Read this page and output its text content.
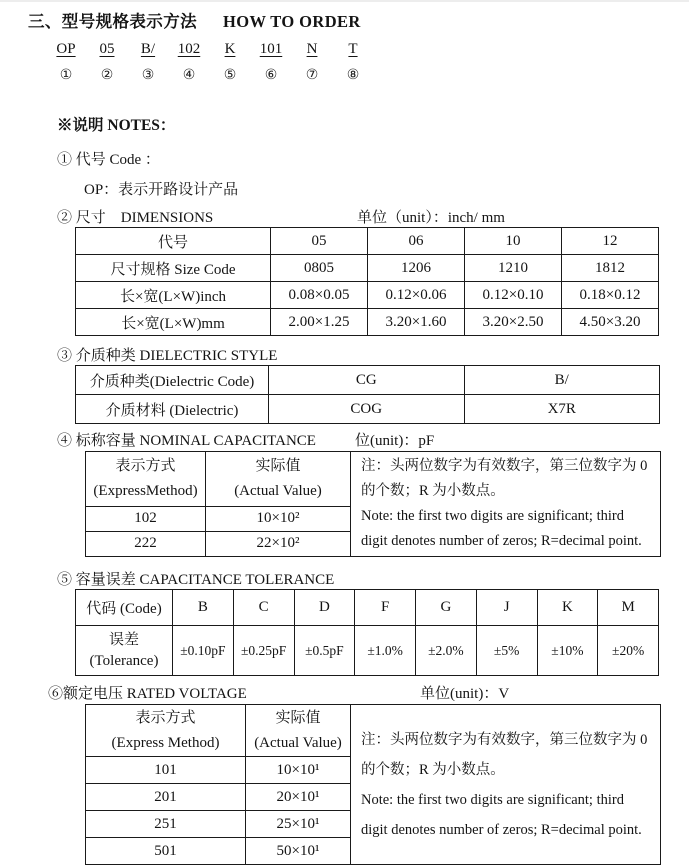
三、型号规格表示方法 HOW TO ORDER
OP
①
05
②
B/
③
102
④
K
⑤
101
⑥
N
⑦
T
⑧
※说明 NOTES：
① 代号 Code ：
OP：表示开路设计产品
② 尺寸　DIMENSIONS	单位（unit）：inch/ mm
代号	05	06	10	12
尺寸规格 Size Code	0805	1206	1210	1812
长×宽(L×W)inch	0.08×0.05	0.12×0.06	0.12×0.10	0.18×0.12
长×宽(L×W)mm	2.00×1.25	3.20×1.60	3.20×2.50	4.50×3.20
③ 介质种类 DIELECTRIC STYLE
介质种类(Dielectric Code)	CG	B/
介质材料 (Dielectric)	COG	X7R
④ 标称容量 NOMINAL CAPACITANCE	位(unit)：pF
表示方式
(ExpressMethod)

实际值
(Actual Value)

注：头两位数字为有效数字，第三位数字为 0 的个数；R 为小数点。
Note: the first two digits are significant; third digit denotes number of zeros; R=decimal point.

102	10×10²	
222	22×10²	
⑤ 容量误差 CAPACITANCE TOLERANCE
代码 (Code)	B	C	D	F	G	J	K	M

误差
(Tolerance)	±0.10pF	±0.25pF	±0.5pF	±1.0%	±2.0%	±5%	±10%	±20%
⑥额定电压 RATED VOLTAGE	单位(unit)：V
表示方式
(Express Method)

实际值
(Actual Value)	注：头两位数字为有效数字，第三位数字为 0 的个数；R 为小数点。
Note: the first two digits are significant; third digit denotes number of zeros; R=decimal point.

101	10×10¹	
201	20×10¹	
251	25×10¹	
501	50×10¹	
